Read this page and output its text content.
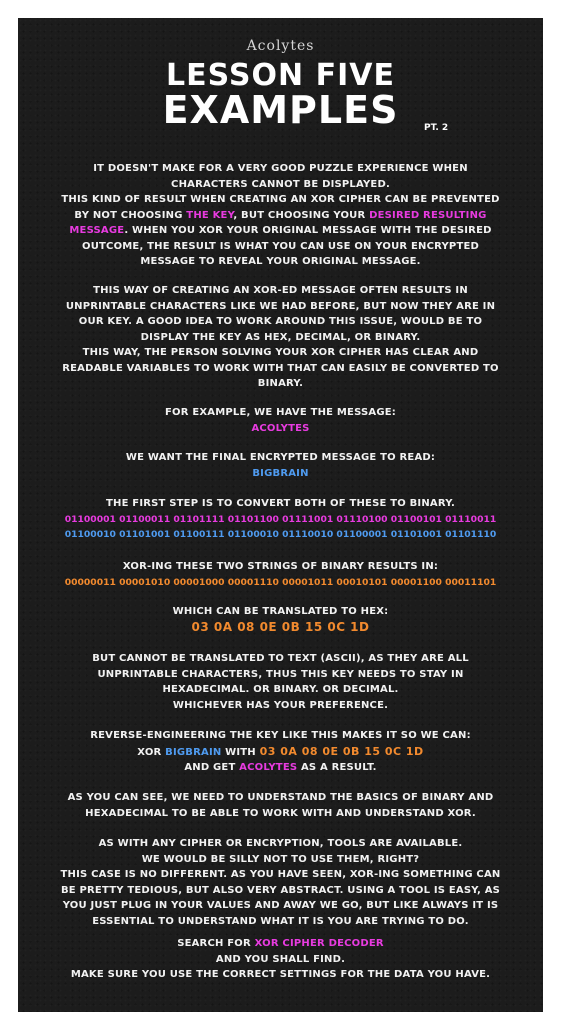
Acolytes
LESSON FIVE
EXAMPLES	PT. 2
IT DOESN'T MAKE FOR A VERY GOOD PUZZLE EXPERIENCE WHEN
CHARACTERS CANNOT BE DISPLAYED.
THIS KIND OF RESULT WHEN CREATING AN XOR CIPHER CAN BE PREVENTED
BY NOT CHOOSING THE KEY, BUT CHOOSING YOUR DESIRED RESULTING
MESSAGE. WHEN YOU XOR YOUR ORIGINAL MESSAGE WITH THE DESIRED
OUTCOME, THE RESULT IS WHAT YOU CAN USE ON YOUR ENCRYPTED
MESSAGE TO REVEAL YOUR ORIGINAL MESSAGE.
THIS WAY OF CREATING AN XOR-ED MESSAGE OFTEN RESULTS IN
UNPRINTABLE CHARACTERS LIKE WE HAD BEFORE, BUT NOW THEY ARE IN
OUR KEY. A GOOD IDEA TO WORK AROUND THIS ISSUE, WOULD BE TO
DISPLAY THE KEY AS HEX, DECIMAL, OR BINARY.
THIS WAY, THE PERSON SOLVING YOUR XOR CIPHER HAS CLEAR AND
READABLE VARIABLES TO WORK WITH THAT CAN EASILY BE CONVERTED TO
BINARY.
FOR EXAMPLE, WE HAVE THE MESSAGE:
ACOLYTES
WE WANT THE FINAL ENCRYPTED MESSAGE TO READ:
BIGBRAIN
THE FIRST STEP IS TO CONVERT BOTH OF THESE TO BINARY.
01100001 01100011 01101111 01101100 01111001 01110100 01100101 01110011
01100010 01101001 01100111 01100010 01110010 01100001 01101001 01101110
XOR-ING THESE TWO STRINGS OF BINARY RESULTS IN:
00000011 00001010 00001000 00001110 00001011 00010101 00001100 00011101
WHICH CAN BE TRANSLATED TO HEX:
03 0A 08 0E 0B 15 0C 1D
BUT CANNOT BE TRANSLATED TO TEXT (ASCII), AS THEY ARE ALL
UNPRINTABLE CHARACTERS, THUS THIS KEY NEEDS TO STAY IN
HEXADECIMAL. OR BINARY. OR DECIMAL.
WHICHEVER HAS YOUR PREFERENCE.
REVERSE-ENGINEERING THE KEY LIKE THIS MAKES IT SO WE CAN:
XOR BIGBRAIN WITH 03 0A 08 0E 0B 15 0C 1D
AND GET ACOLYTES AS A RESULT.
AS YOU CAN SEE, WE NEED TO UNDERSTAND THE BASICS OF BINARY AND
HEXADECIMAL TO BE ABLE TO WORK WITH AND UNDERSTAND XOR.
AS WITH ANY CIPHER OR ENCRYPTION, TOOLS ARE AVAILABLE.
WE WOULD BE SILLY NOT TO USE THEM, RIGHT?
THIS CASE IS NO DIFFERENT. AS YOU HAVE SEEN, XOR-ING SOMETHING CAN
BE PRETTY TEDIOUS, BUT ALSO VERY ABSTRACT. USING A TOOL IS EASY, AS
YOU JUST PLUG IN YOUR VALUES AND AWAY WE GO, BUT LIKE ALWAYS IT IS
ESSENTIAL TO UNDERSTAND WHAT IT IS YOU ARE TRYING TO DO.
SEARCH FOR XOR CIPHER DECODER
AND YOU SHALL FIND.
MAKE SURE YOU USE THE CORRECT SETTINGS FOR THE DATA YOU HAVE.
